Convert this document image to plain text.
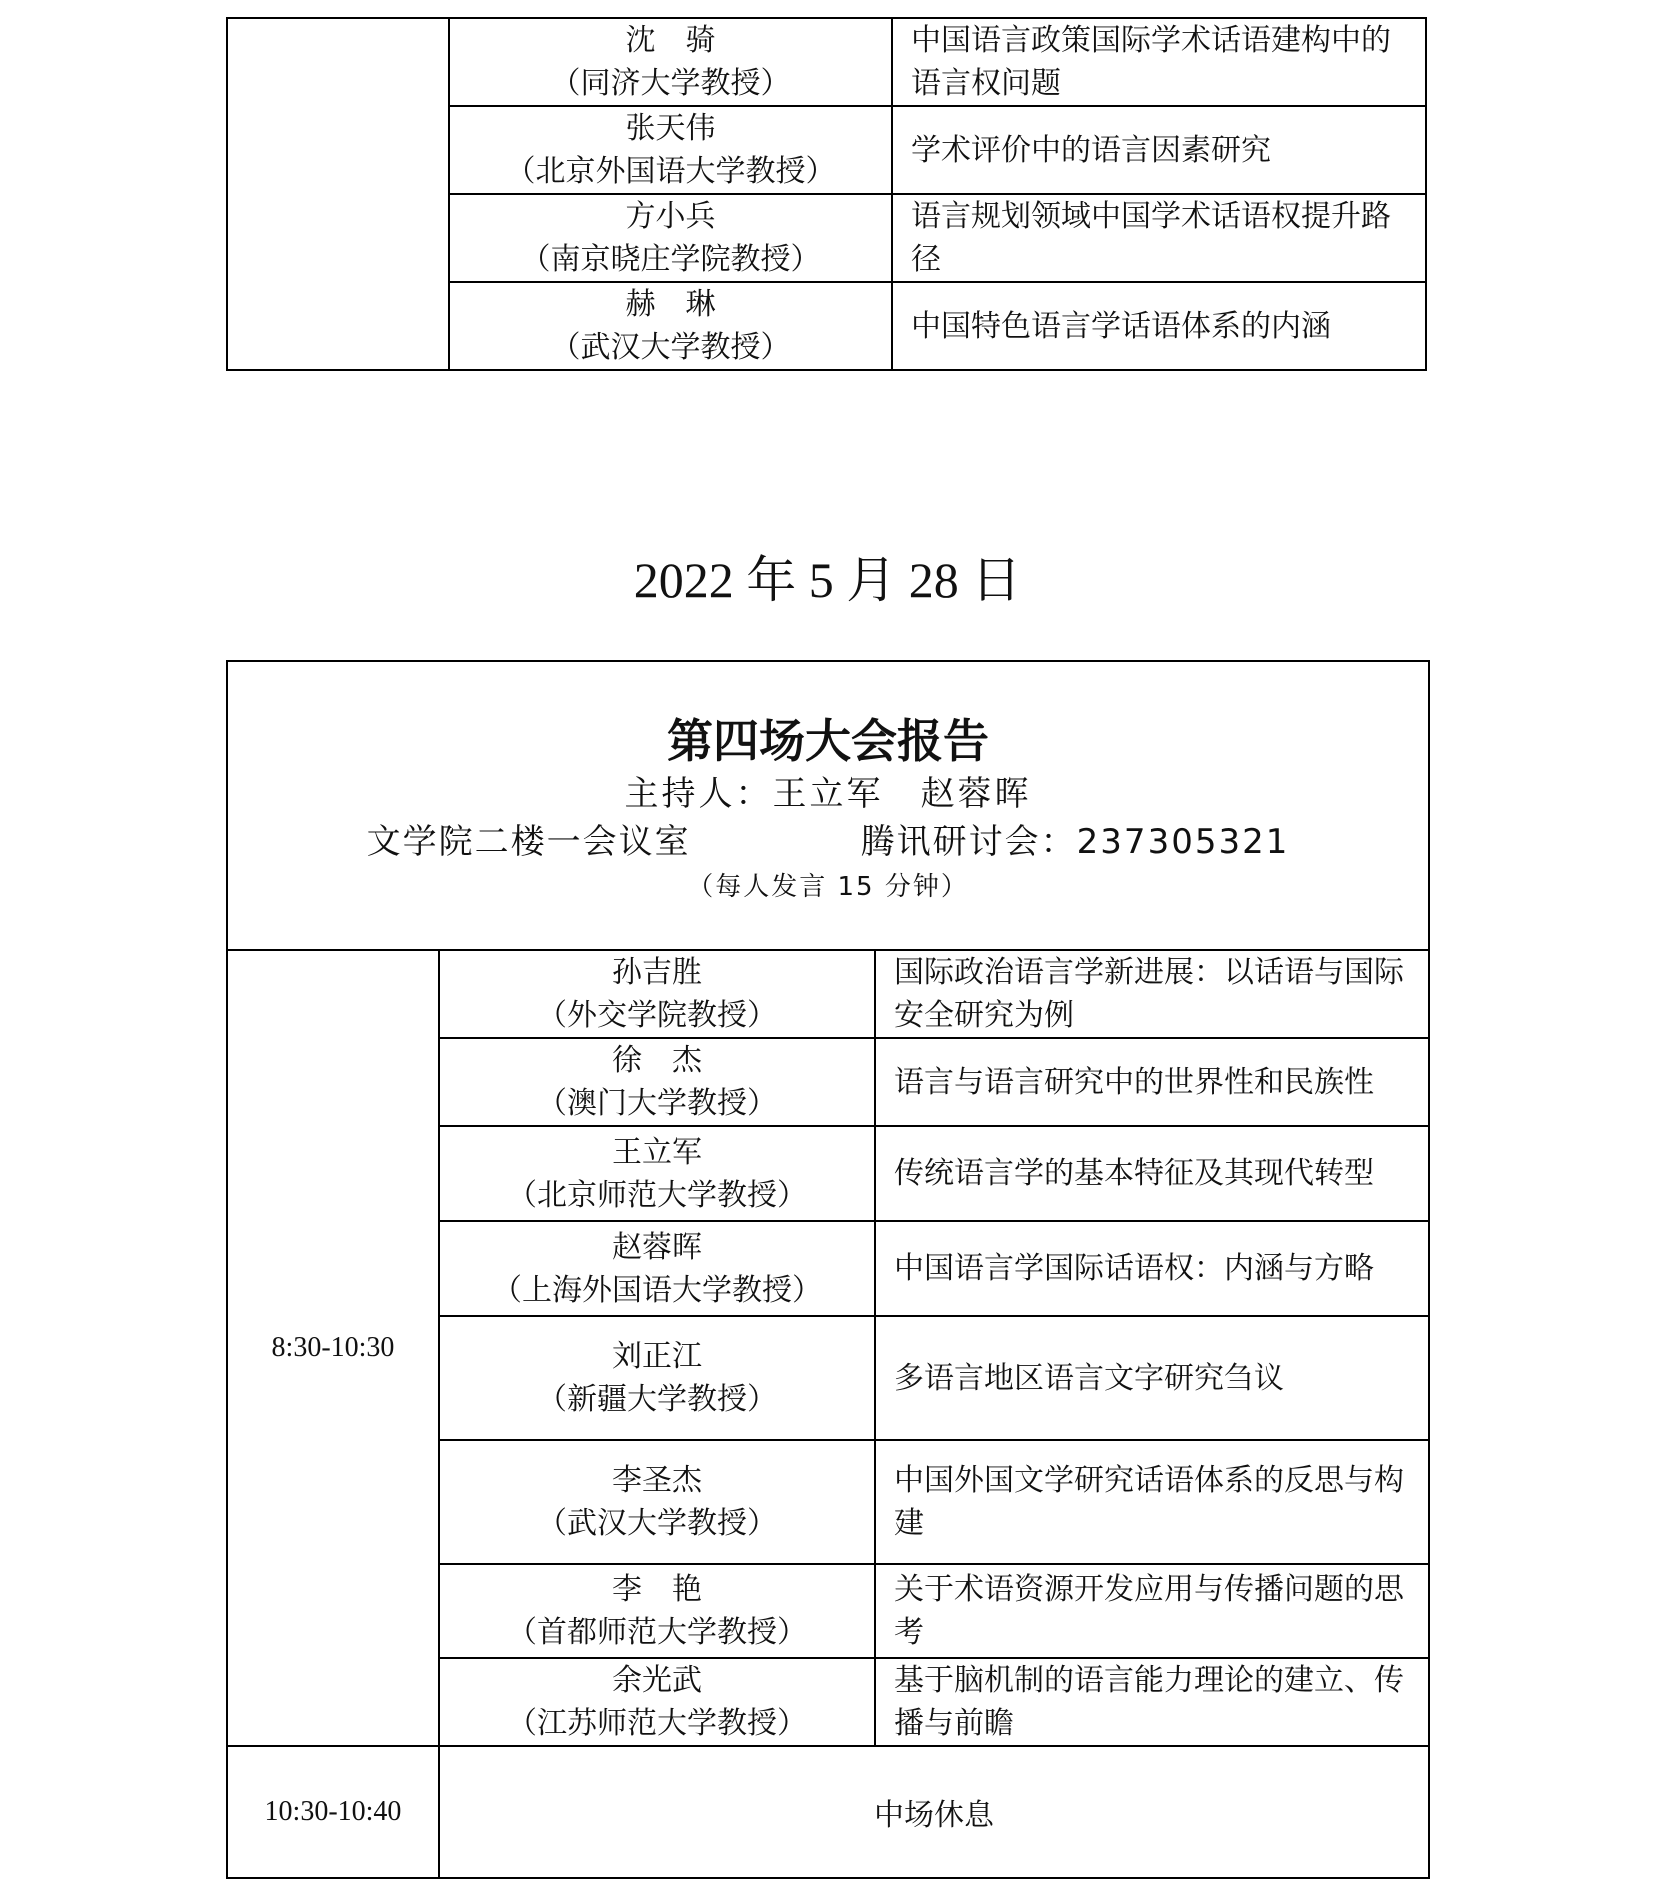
	沈　骑
（同济大学教授）	中国语言政策国际学术话语建构中的语言权问题

	张天伟
（北京外国语大学教授）	学术评价中的语言因素研究

	方小兵
（南京晓庄学院教授）	语言规划领域中国学术话语权提升路径

	赫　琳
（武汉大学教授）	中国特色语言学话语体系的内涵
2022 年 5 月 28 日
第四场大会报告
主持人：王立军　赵蓉晖
文学院二楼一会议室 腾讯研讨会：237305321
（每人发言 15 分钟）		

8:30-10:30	孙吉胜
（外交学院教授）	国际政治语言学新进展：以话语与国际安全研究为例

	徐　杰
（澳门大学教授）	语言与语言研究中的世界性和民族性

	王立军
（北京师范大学教授）	传统语言学的基本特征及其现代转型

	赵蓉晖
（上海外国语大学教授）	中国语言学国际话语权：内涵与方略

	刘正江
（新疆大学教授）	多语言地区语言文字研究刍议

	李圣杰
（武汉大学教授）	中国外国文学研究话语体系的反思与构建

	李　艳
（首都师范大学教授）	关于术语资源开发应用与传播问题的思考

	余光武
（江苏师范大学教授）	基于脑机制的语言能力理论的建立、传播与前瞻
10:30-10:40	中场休息	
